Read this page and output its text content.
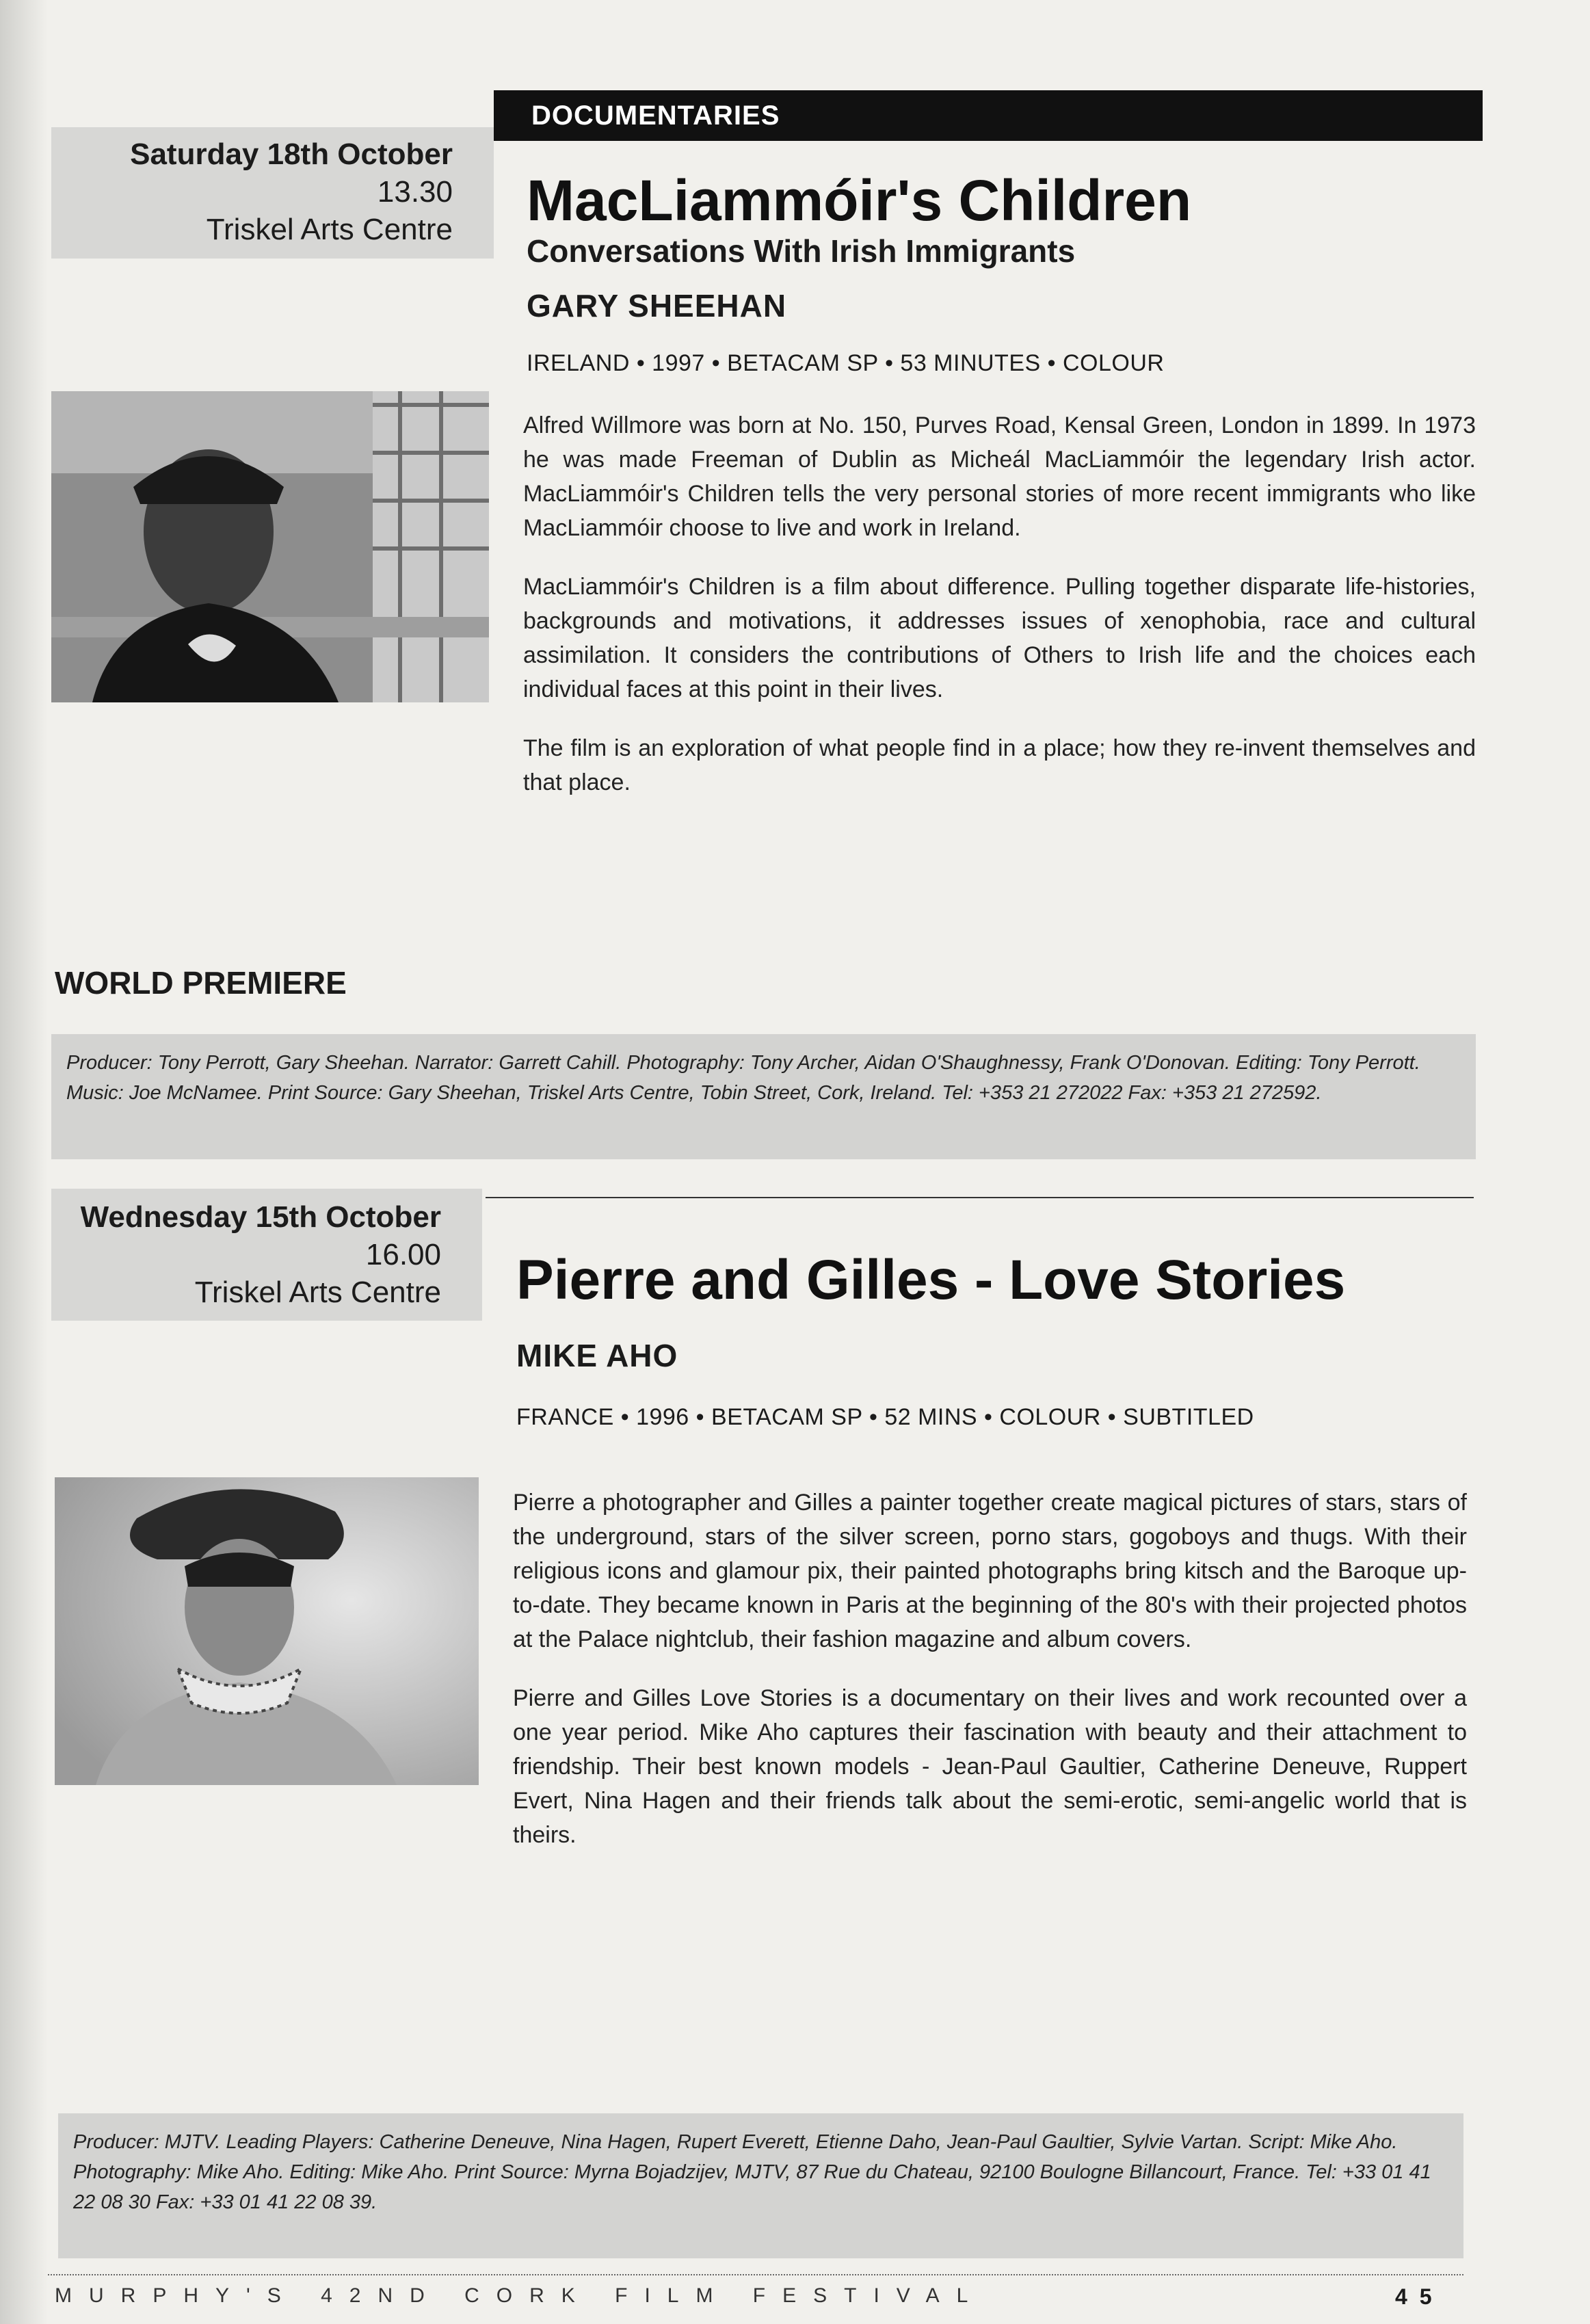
DOCUMENTARIES
Saturday 18th October
13.30
Triskel Arts Centre MacLiammóir's Children
Conversations With Irish Immigrants
GARY SHEEHAN
IRELAND • 1997 • BETACAM SP • 53 MINUTES • COLOUR

Alfred Willmore was born at No. 150, Purves Road, Kensal Green, London in 1899. In 1973 he was made Freeman of Dublin as Micheál MacLiammóir the legendary Irish actor. MacLiammóir's Children tells the very personal stories of more recent immigrants who like MacLiammóir choose to live and work in Ireland.

MacLiammóir's Children is a film about difference. Pulling together disparate life-histories, backgrounds and motivations, it addresses issues of xenophobia, race and cultural assimilation. It considers the contributions of Others to Irish life and the choices each individual faces at this point in their lives.

The film is an exploration of what people find in a place; how they re-invent themselves and that place.

WORLD PREMIERE
Producer: Tony Perrott, Gary Sheehan. Narrator: Garrett Cahill. Photography: Tony Archer, Aidan O'Shaughnessy, Frank O'Donovan. Editing: Tony Perrott. Music: Joe McNamee. Print Source: Gary Sheehan, Triskel Arts Centre, Tobin Street, Cork, Ireland. Tel: +353 21 272022 Fax: +353 21 272592.
Wednesday 15th October
16.00
Triskel Arts Centre Pierre and Gilles - Love Stories
MIKE AHO
FRANCE • 1996 • BETACAM SP • 52 MINS • COLOUR • SUBTITLED

Pierre a photographer and Gilles a painter together create magical pictures of stars, stars of the underground, stars of the silver screen, porno stars, gogoboys and thugs. With their religious icons and glamour pix, their painted photographs bring kitsch and the Baroque up-to-date. They became known in Paris at the beginning of the 80's with their projected photos at the Palace nightclub, their fashion magazine and album covers.

Pierre and Gilles Love Stories is a documentary on their lives and work recounted over a one year period. Mike Aho captures their fascination with beauty and their attachment to friendship. Their best known models - Jean-Paul Gaultier, Catherine Deneuve, Ruppert Evert, Nina Hagen and their friends talk about the semi-erotic, semi-angelic world that is theirs.

Producer: MJTV. Leading Players: Catherine Deneuve, Nina Hagen, Rupert Everett, Etienne Daho, Jean-Paul Gaultier, Sylvie Vartan. Script: Mike Aho. Photography: Mike Aho. Editing: Mike Aho. Print Source: Myrna Bojadzijev, MJTV, 87 Rue du Chateau, 92100 Boulogne Billancourt, France. Tel: +33 01 41 22 08 30 Fax: +33 01 41 22 08 39.
MURPHY'S 42ND CORK FILM FESTIVAL	45
